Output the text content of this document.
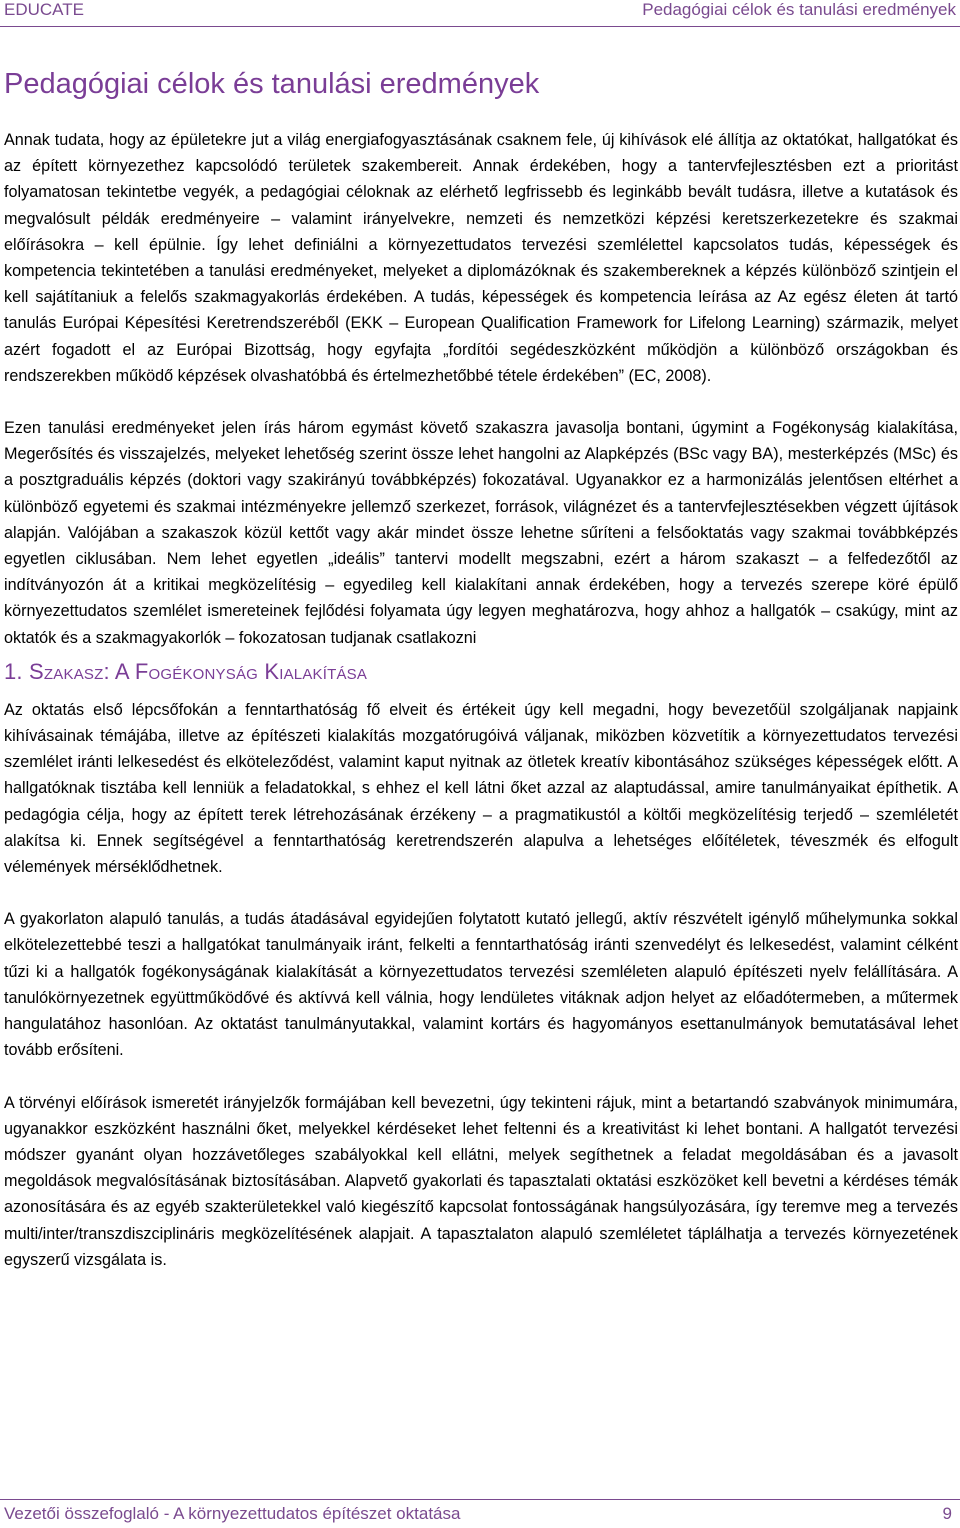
EDUCATE	Pedagógiai célok és tanulási eredmények
Pedagógiai célok és tanulási eredmények

Annak tudata, hogy az épületekre jut a világ energiafogyasztásának csaknem fele, új kihívások elé állítja az oktatókat, hallgatókat és az épített környezethez kapcsolódó területek szakembereit. Annak érdekében, hogy a tantervfejlesztésben ezt a prioritást folyamatosan tekintetbe vegyék, a pedagógiai céloknak az elérhető legfrissebb és leginkább bevált tudásra, illetve a kutatások és megvalósult példák eredményeire – valamint irányelvekre, nemzeti és nemzetközi képzési keretszerkezetekre és szakmai előírásokra – kell épülnie. Így lehet definiálni a környezettudatos tervezési szemlélettel kapcsolatos tudás, képességek és kompetencia tekintetében a tanulási eredményeket, melyeket a diplomázóknak és szakembereknek a képzés különböző szintjein el kell sajátítaniuk a felelős szakmagyakorlás érdekében. A tudás, képességek és kompetencia leírása az Az egész életen át tartó tanulás Európai Képesítési Keretrendszeréből (EKK – European Qualification Framework for Lifelong Learning) származik, melyet azért fogadott el az Európai Bizottság, hogy egyfajta „fordítói segédeszközként működjön a különböző országokban és rendszerekben működő képzések olvashatóbbá és értelmezhetőbbé tétele érdekében” (EC, 2008).

Ezen tanulási eredményeket jelen írás három egymást követő szakaszra javasolja bontani, úgymint a Fogékonyság kialakítása, Megerősítés és visszajelzés, melyeket lehetőség szerint össze lehet hangolni az Alapképzés (BSc vagy BA), mesterképzés (MSc) és a posztgraduális képzés (doktori vagy szakirányú továbbképzés) fokozatával. Ugyanakkor ez a harmonizálás jelentősen eltérhet a különböző egyetemi és szakmai intézményekre jellemző szerkezet, források, világnézet és a tantervfejlesztésekben végzett újítások alapján. Valójában a szakaszok közül kettőt vagy akár mindet össze lehetne sűríteni a felsőoktatás vagy szakmai továbbképzés egyetlen ciklusában. Nem lehet egyetlen „ideális” tantervi modellt megszabni, ezért a három szakaszt – a felfedezőtől az indítványozón át a kritikai megközelítésig – egyedileg kell kialakítani annak érdekében, hogy a tervezés szerepe köré épülő környezettudatos szemlélet ismereteinek fejlődési folyamata úgy legyen meghatározva, hogy ahhoz a hallgatók – csakúgy, mint az oktatók és a szakmagyakorlók – fokozatosan tudjanak csatlakozni

1. Szakasz: A Fogékonyság Kialakítása

Az oktatás első lépcsőfokán a fenntarthatóság fő elveit és értékeit úgy kell megadni, hogy bevezetőül szolgáljanak napjaink kihívásainak témájába, illetve az építészeti kialakítás mozgatórugóivá váljanak, miközben közvetítik a környezettudatos tervezési szemlélet iránti lelkesedést és elköteleződést, valamint kaput nyitnak az ötletek kreatív kibontásához szükséges képességek előtt. A hallgatóknak tisztába kell lenniük a feladatokkal, s ehhez el kell látni őket azzal az alaptudással, amire tanulmányaikat építhetik. A pedagógia célja, hogy az épített terek létrehozásának érzékeny – a pragmatikustól a költői megközelítésig terjedő – szemléletét alakítsa ki. Ennek segítségével a fenntarthatóság keretrendszerén alapulva a lehetséges előítéletek, téveszmék és elfogult vélemények mérséklődhetnek.

A gyakorlaton alapuló tanulás, a tudás átadásával egyidejűen folytatott kutató jellegű, aktív részvételt igénylő műhelymunka sokkal elkötelezettebbé teszi a hallgatókat tanulmányaik iránt, felkelti a fenntarthatóság iránti szenvedélyt és lelkesedést, valamint célként tűzi ki a hallgatók fogékonyságának kialakítását a környezettudatos tervezési szemléleten alapuló építészeti nyelv felállítására. A tanulókörnyezetnek együttműködővé és aktívvá kell válnia, hogy lendületes vitáknak adjon helyet az előadótermeben, a műtermek hangulatához hasonlóan. Az oktatást tanulmányutakkal, valamint kortárs és hagyományos esettanulmányok bemutatásával lehet tovább erősíteni.

A törvényi előírások ismeretét irányjelzők formájában kell bevezetni, úgy tekinteni rájuk, mint a betartandó szabványok minimumára, ugyanakkor eszközként használni őket, melyekkel kérdéseket lehet feltenni és a kreativitást ki lehet bontani. A hallgatót tervezési módszer gyanánt olyan hozzávetőleges szabályokkal kell ellátni, melyek segíthetnek a feladat megoldásában és a javasolt megoldások megvalósításának biztosításában. Alapvető gyakorlati és tapasztalati oktatási eszközöket kell bevetni a kérdéses témák azonosítására és az egyéb szakterületekkel való kiegészítő kapcsolat fontosságának hangsúlyozására, így teremve meg a tervezés multi/inter/transzdiszciplináris megközelítésének alapjait. A tapasztalaton alapuló szemléletet táplálhatja a tervezés környezetének egyszerű vizsgálata is.

Vezetői összefoglaló - A környezettudatos építészet oktatása	9
